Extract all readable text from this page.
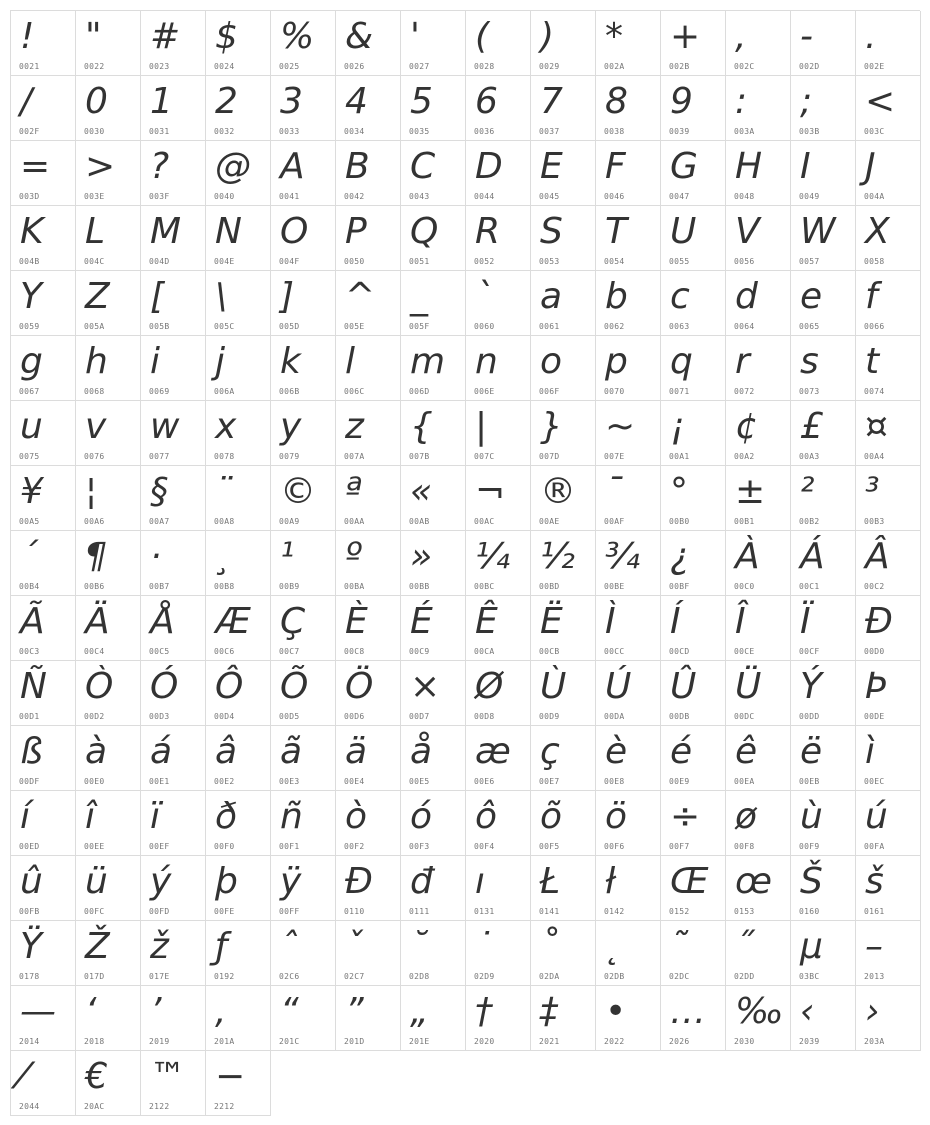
!
0021
"
0022
#
0023
$
0024
%
0025
&
0026
'
0027
(
0028
)
0029
*
002A
+
002B
,
002C
-
002D
.
002E
/
002F
0
0030
1
0031
2
0032
3
0033
4
0034
5
0035
6
0036
7
0037
8
0038
9
0039
:
003A
;
003B
<
003C
=
003D
>
003E
?
003F
@
0040
A
0041
B
0042
C
0043
D
0044
E
0045
F
0046
G
0047
H
0048
I
0049
J
004A
K
004B
L
004C
M
004D
N
004E
O
004F
P
0050
Q
0051
R
0052
S
0053
T
0054
U
0055
V
0056
W
0057
X
0058
Y
0059
Z
005A
[
005B
\
005C
]
005D
^
005E
_
005F
`
0060
a
0061
b
0062
c
0063
d
0064
e
0065
f
0066
g
0067
h
0068
i
0069
j
006A
k
006B
l
006C
m
006D
n
006E
o
006F
p
0070
q
0071
r
0072
s
0073
t
0074
u
0075
v
0076
w
0077
x
0078
y
0079
z
007A
{
007B
|
007C
}
007D
~
007E
¡
00A1
¢
00A2
£
00A3
¤
00A4
¥
00A5
¦
00A6
§
00A7
¨
00A8
©
00A9
ª
00AA
«
00AB
¬
00AC
®
00AE
¯
00AF
°
00B0
±
00B1
²
00B2
³
00B3
´
00B4
¶
00B6
·
00B7
¸
00B8
¹
00B9
º
00BA
»
00BB
¼
00BC
½
00BD
¾
00BE
¿
00BF
À
00C0
Á
00C1
Â
00C2
Ã
00C3
Ä
00C4
Å
00C5
Æ
00C6
Ç
00C7
È
00C8
É
00C9
Ê
00CA
Ë
00CB
Ì
00CC
Í
00CD
Î
00CE
Ï
00CF
Ð
00D0
Ñ
00D1
Ò
00D2
Ó
00D3
Ô
00D4
Õ
00D5
Ö
00D6
×
00D7
Ø
00D8
Ù
00D9
Ú
00DA
Û
00DB
Ü
00DC
Ý
00DD
Þ
00DE
ß
00DF
à
00E0
á
00E1
â
00E2
ã
00E3
ä
00E4
å
00E5
æ
00E6
ç
00E7
è
00E8
é
00E9
ê
00EA
ë
00EB
ì
00EC
í
00ED
î
00EE
ï
00EF
ð
00F0
ñ
00F1
ò
00F2
ó
00F3
ô
00F4
õ
00F5
ö
00F6
÷
00F7
ø
00F8
ù
00F9
ú
00FA
û
00FB
ü
00FC
ý
00FD
þ
00FE
ÿ
00FF
Đ
0110
đ
0111
ı
0131
Ł
0141
ł
0142
Œ
0152
œ
0153
Š
0160
š
0161
Ÿ
0178
Ž
017D
ž
017E
ƒ
0192
ˆ
02C6
ˇ
02C7
˘
02D8
˙
02D9
˚
02DA
˛
02DB
˜
02DC
˝
02DD
μ
03BC
–
2013
—
2014
‘
2018
’
2019
‚
201A
“
201C
”
201D
„
201E
†
2020
‡
2021
•
2022
…
2026
‰
2030
‹
2039
›
203A
⁄
2044
€
20AC
™
2122
−
2212
